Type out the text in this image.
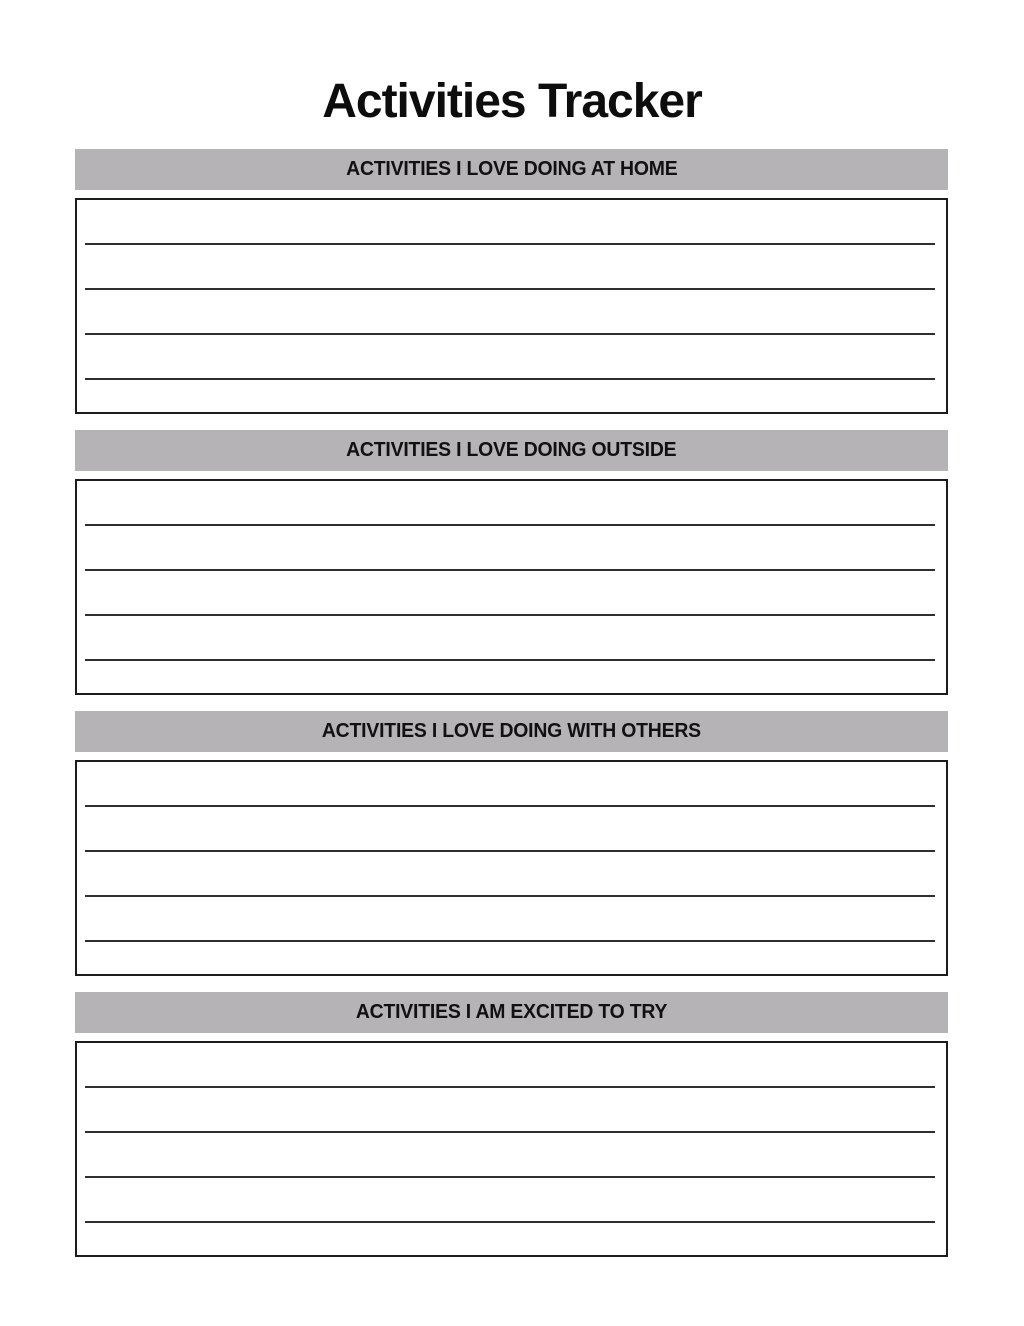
Activities Tracker
ACTIVITIES I LOVE DOING AT HOME
ACTIVITIES I LOVE DOING OUTSIDE
ACTIVITIES I LOVE DOING WITH OTHERS
ACTIVITIES I AM EXCITED TO TRY
